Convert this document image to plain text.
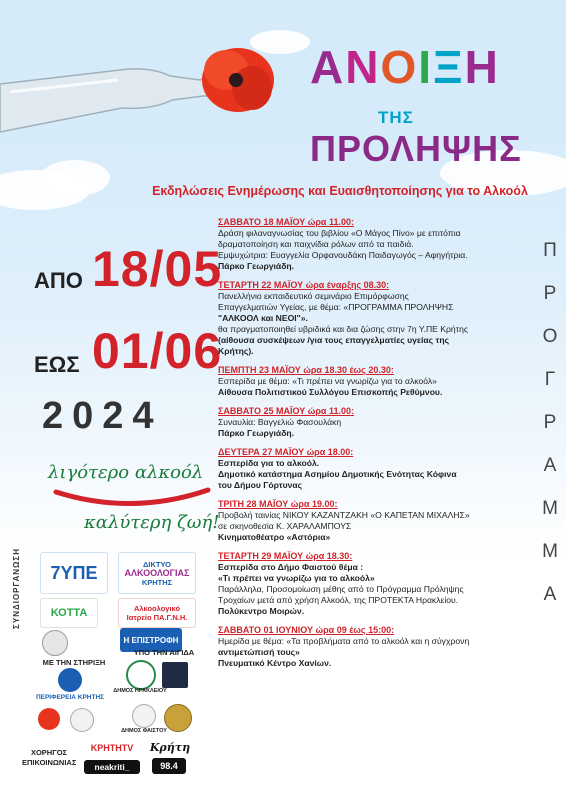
ΑΝΟΙΞΗ
ΤΗΣ
ΠΡΟΛΗΨΗΣ
Εκδηλώσεις Ενημέρωσης και Ευαισθητοποίησης για το Αλκοόλ
ΑΠΟ 18/05
ΕΩΣ 01/06
2024
λιγότερο αλκοόλ
καλύτερη ζωή!
Π
Ρ
Ο
Γ
Ρ
Α
Μ
Μ
Α
ΣΑΒΒΑΤΟ 18 ΜΑΪΟΥ ώρα 11.00:
Δράση φιλαναγνωσίας του βιβλίου «Ο Μάγος Πίνο» με επιτόπια
δραματοποίηση και παιχνίδια ρόλων από τα παιδιά.
Εμψυχώτρια: Ευαγγελία Ορφανουδάκη Παιδαγωγός – Αφηγήτρια.
Πάρκο Γεωργιάδη.
ΤΕΤΑΡΤΗ 22 ΜΑΪΟΥ ώρα έναρξης 08.30:
Πανελλήνιο εκπαιδευτικό σεμινάριο Επιμόρφωσης
Επαγγελματιών Υγείας, με θέμα: «ΠΡΟΓΡΑΜΜΑ ΠΡΟΛΗΨΗΣ
"ΑΛΚΟΟΛ και ΝΕΟΙ"».
θα πραγματοποιηθεί υβριδικά και δια ζώσης στην 7η Υ.ΠΕ Κρήτης
(αίθουσα συσκέψεων /για τους επαγγελματίες υγείας της
Κρήτης).
ΠΕΜΠΤΗ 23 ΜΑΪΟΥ ώρα 18.30 έως 20.30:
Εσπερίδα με θέμα: «Τι πρέπει να γνωρίζω για το αλκοόλ»
Αίθουσα Πολιτιστικού Συλλόγου Επισκοπής Ρεθύμνου.
ΣΑΒΒΑΤΟ 25 ΜΑΪΟΥ ώρα 11.00:
Συναυλία: Βαγγελιώ Φασουλάκη
Πάρκο Γεωργιάδη.
ΔΕΥΤΕΡΑ 27 ΜΑΪΟΥ ώρα 18.00:
Εσπερίδα για το αλκοόλ.
Δημοτικό κατάστημα Ασημίου Δημοτικής Ενότητας Κόφινα
του Δήμου Γόρτυνας
ΤΡΙΤΗ 28 ΜΑΪΟΥ ώρα 19.00:
Προβολή ταινίας ΝΙΚΟΥ ΚΑΖΑΝΤΖΑΚΗ «Ο ΚΑΠΕΤΑΝ ΜΙΧΑΛΗΣ»
σε σκηνοθεσία Κ. ΧΑΡΑΛΑΜΠΟΥΣ
Κινηματοθέατρο «Αστόρια»
ΤΕΤΑΡΤΗ 29 ΜΑΪΟΥ ώρα 18.30:
Εσπερίδα στο Δήμο Φαιστού θέμα :
«Τι πρέπει να γνωρίζω για το αλκοόλ»
Παράλληλα, Προσομοίωση μέθης από το Πρόγραμμα Πρόληψης
Τροχαίων μετά από χρήση Αλκοόλ, της ΠΡΟΤΕΚΤΑ Ηρακλείου.
Πολύκεντρο Μοιρών.
ΣΑΒΒΑΤΟ 01 ΙΟΥΝΙΟΥ ώρα 09 έως 15:00:
Ημερίδα με θέμα: «Τα προβλήματα από το αλκοόλ και η σύγχρονη
αντιμετώπισή τους»
Πνευματικό Κέντρο Χανίων.
ΣΥΝΔΙΟΡΓΑΝΩΣΗ	7ΥΠΕ	ΔΙΚΤΥΟ
ΑΛΚΟΟΛΟΓΙΑΣ
ΚΡΗΤΗΣ
ΚΟΤΤΑ	Αλκοολογικό
Ιατρείο ΠΑ.Γ.Ν.Η.
Η ΕΠΙΣΤΡΟΦΗ
ΜΕ ΤΗΝ ΣΤΗΡΙΞΗ
ΥΠΟ ΤΗΝ ΑΙΓΙΔΑ
ΠΕΡΙΦΕΡΕΙΑ ΚΡΗΤΗΣ
ΔΗΜΟΣ ΗΡΑΚΛΕΙΟΥ
ΔΗΜΟΣ ΦΑΙΣΤΟΥ
ΧΟΡΗΓΟΣ
ΕΠΙΚΟΙΝΩΝΙΑΣ
ΚΡΗΤΗTV	Κρήτη
neakriti_	98.4
